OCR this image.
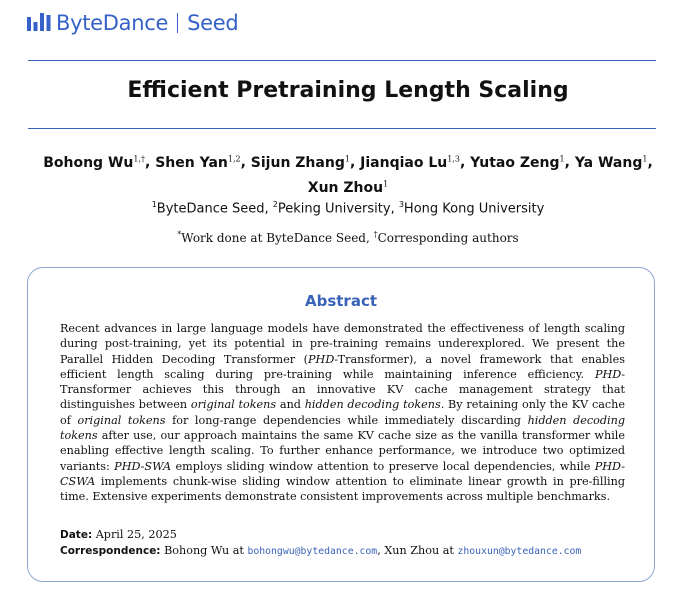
ByteDance Seed
Efficient Pretraining Length Scaling
Bohong $Wu^{1,\dagger}$, Shen Yan$^{1,2}$, Sijun Zhang$^1$, Jianqiao Lu$^{1,3}$, Yutao Zeng$^1$, Ya Wang$^1$,
Xun Zhou$^1$
$^1$ByteDance Seed, $^2$Peking University, $^3$Hong Kong University
*Work done at ByteDance Seed, †Corresponding authors
Abstract
Recent advances in large language models have demonstrated the effectiveness of length scaling during post-training, yet its potential in pre-training remains underexplored. We present the Parallel Hidden Decoding Transformer (PHD-Transformer), a novel framework that enables efficient length scaling during pre-training while maintaining inference efficiency. PHD-Transformer achieves this through an innovative KV cache management strategy that distinguishes between original tokens and hidden decoding tokens. By retaining only the KV cache of original tokens for long-range dependencies while immediately discarding hidden decoding tokens after use, our approach maintains the same KV cache size as the vanilla transformer while enabling effective length scaling. To further enhance performance, we introduce two optimized variants: PHD-SWA employs sliding window attention to preserve local dependencies, while PHD-CSWA implements chunk-wise sliding window attention to eliminate linear growth in pre-filling time. Extensive experiments demonstrate consistent improvements across multiple benchmarks.
Date: April 25, 2025
Correspondence: Bohong Wu at bohongwu@bytedance.com, Xun Zhou at zhouxun@bytedance.com
